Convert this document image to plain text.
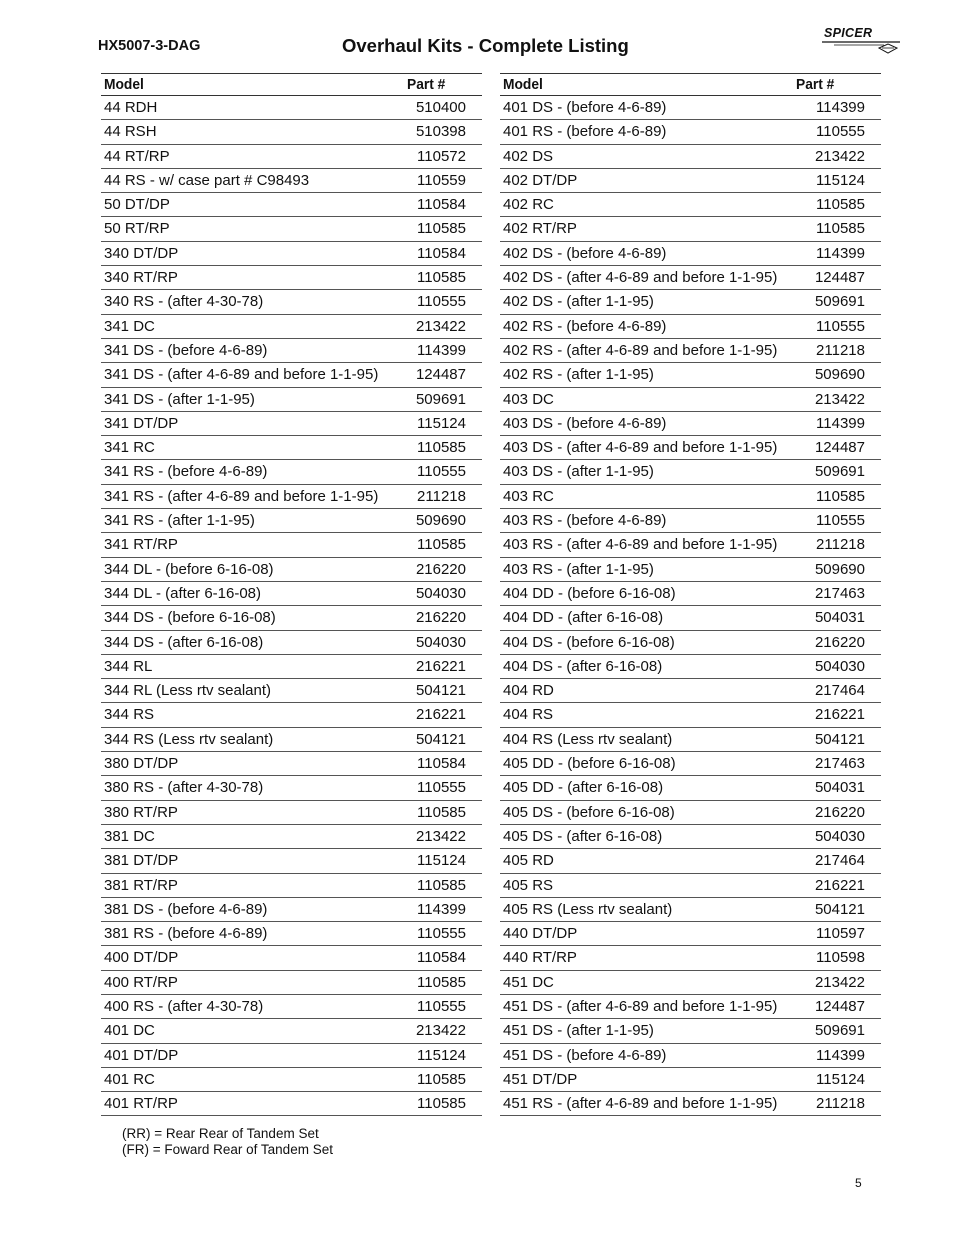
HX5007-3-DAG	Overhaul Kits - Complete Listing
SPICER
Model	Part #
44 RDH	510400
44 RSH	510398
44 RT/RP	110572
44 RS - w/ case part # C98493	110559
50 DT/DP	110584
50 RT/RP	110585
340 DT/DP	110584
340 RT/RP	110585
340 RS - (after 4-30-78)	110555
341 DC	213422
341 DS - (before 4-6-89)	114399
341 DS - (after 4-6-89 and before 1-1-95)	124487
341 DS - (after 1-1-95)	509691
341 DT/DP	115124
341 RC	110585
341 RS - (before 4-6-89)	110555
341 RS - (after 4-6-89 and before 1-1-95)	211218
341 RS - (after 1-1-95)	509690
341 RT/RP	110585
344 DL - (before 6-16-08)	216220
344 DL - (after 6-16-08)	504030
344 DS - (before 6-16-08)	216220
344 DS - (after 6-16-08)	504030
344 RL	216221
344 RL (Less rtv sealant)	504121
344 RS	216221
344 RS (Less rtv sealant)	504121
380 DT/DP	110584
380 RS - (after 4-30-78)	110555
380 RT/RP	110585
381 DC	213422
381 DT/DP	115124
381 RT/RP	110585
381 DS - (before 4-6-89)	114399
381 RS - (before 4-6-89)	110555
400 DT/DP	110584
400 RT/RP	110585
400 RS - (after 4-30-78)	110555
401 DC	213422
401 DT/DP	115124
401 RC	110585
401 RT/RP	110585
Model	Part #
401 DS - (before 4-6-89)	114399
401 RS - (before 4-6-89)	110555
402 DS	213422
402 DT/DP	115124
402 RC	110585
402 RT/RP	110585
402 DS - (before 4-6-89)	114399
402 DS - (after 4-6-89 and before 1-1-95)	124487
402 DS - (after 1-1-95)	509691
402 RS - (before 4-6-89)	110555
402 RS - (after 4-6-89 and before 1-1-95)	211218
402 RS - (after 1-1-95)	509690
403 DC	213422
403 DS - (before 4-6-89)	114399
403 DS - (after 4-6-89 and before 1-1-95)	124487
403 DS - (after 1-1-95)	509691
403 RC	110585
403 RS - (before 4-6-89)	110555
403 RS - (after 4-6-89 and before 1-1-95)	211218
403 RS - (after 1-1-95)	509690
404 DD - (before 6-16-08)	217463
404 DD - (after 6-16-08)	504031
404 DS - (before 6-16-08)	216220
404 DS - (after 6-16-08)	504030
404 RD	217464
404 RS	216221
404 RS (Less rtv sealant)	504121
405 DD - (before 6-16-08)	217463
405 DD - (after 6-16-08)	504031
405 DS - (before 6-16-08)	216220
405 DS - (after 6-16-08)	504030
405 RD	217464
405 RS	216221
405 RS (Less rtv sealant)	504121
440 DT/DP	110597
440 RT/RP	110598
451 DC	213422
451 DS - (after 4-6-89 and before 1-1-95)	124487
451 DS - (after 1-1-95)	509691
451 DS - (before 4-6-89)	114399
451 DT/DP	115124
451 RS - (after 4-6-89 and before 1-1-95)	211218
(RR) = Rear Rear of Tandem Set
(FR) = Foward Rear of Tandem Set
5
